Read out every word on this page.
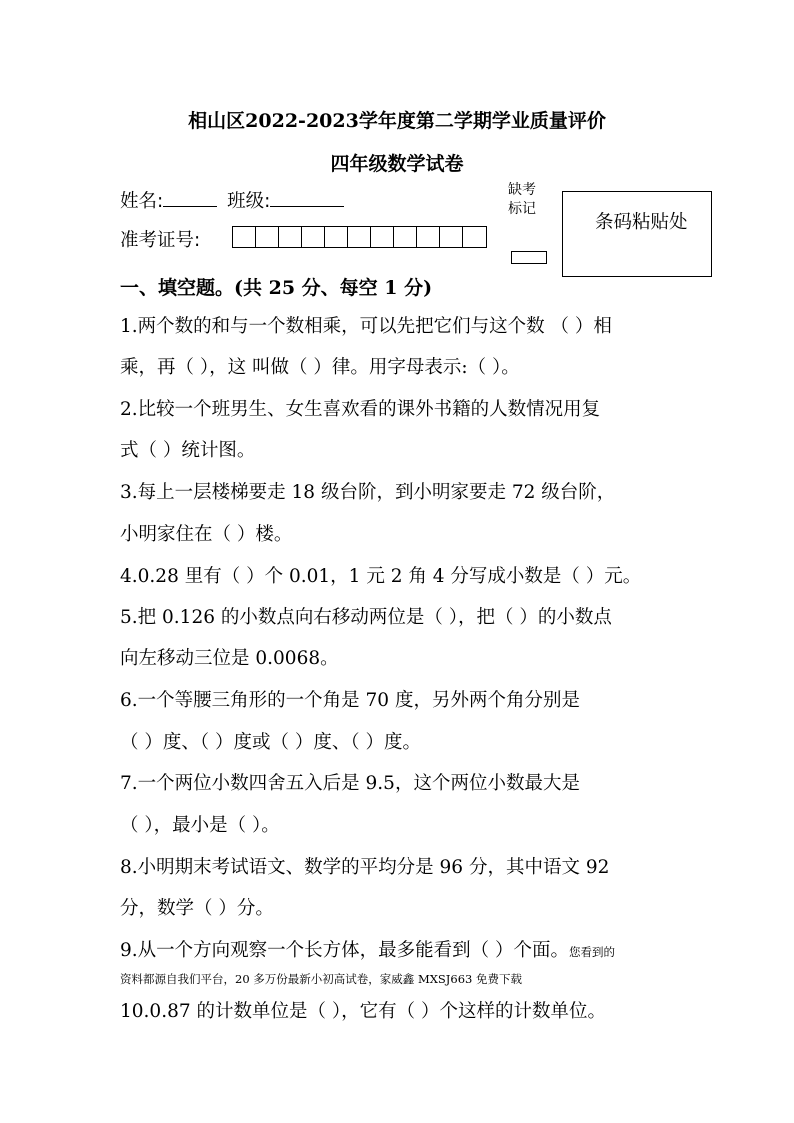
相山区2022-2023学年度第二学期学业质量评价
四年级数学试卷
姓名:	班级:
准考证号:
缺考
标记
条码粘贴处
一、填空题。(共 25 分、每空 1 分)
1.两个数的和与一个数相乘，可以先把它们与这个数 （ ）相
乘，再（ ），这 叫做（ ）律。用字母表示:（ ）。
2.比较一个班男生、女生喜欢看的课外书籍的人数情况用复
式（ ）统计图。
3.每上一层楼梯要走 18 级台阶，到小明家要走 72 级台阶，
小明家住在（ ）楼。
4.0.28 里有（ ）个 0.01，1 元 2 角 4 分写成小数是（ ）元。
5.把 0.126 的小数点向右移动两位是（ ），把（ ）的小数点
向左移动三位是 0.0068。
6.一个等腰三角形的一个角是 70 度，另外两个角分别是
（ ）度、（ ）度或（ ）度、（ ）度。
7.一个两位小数四舍五入后是 9.5，这个两位小数最大是
（ ），最小是（ ）。
8.小明期末考试语文、数学的平均分是 96 分，其中语文 92
分，数学（ ）分。
9.从一个方向观察一个长方体，最多能看到（ ）个面。您看到的
资料都源自我们平台，20 多万份最新小初高试卷，家威鑫 MXSJ663 免费下载
10.0.87 的计数单位是（ ），它有（ ）个这样的计数单位。
